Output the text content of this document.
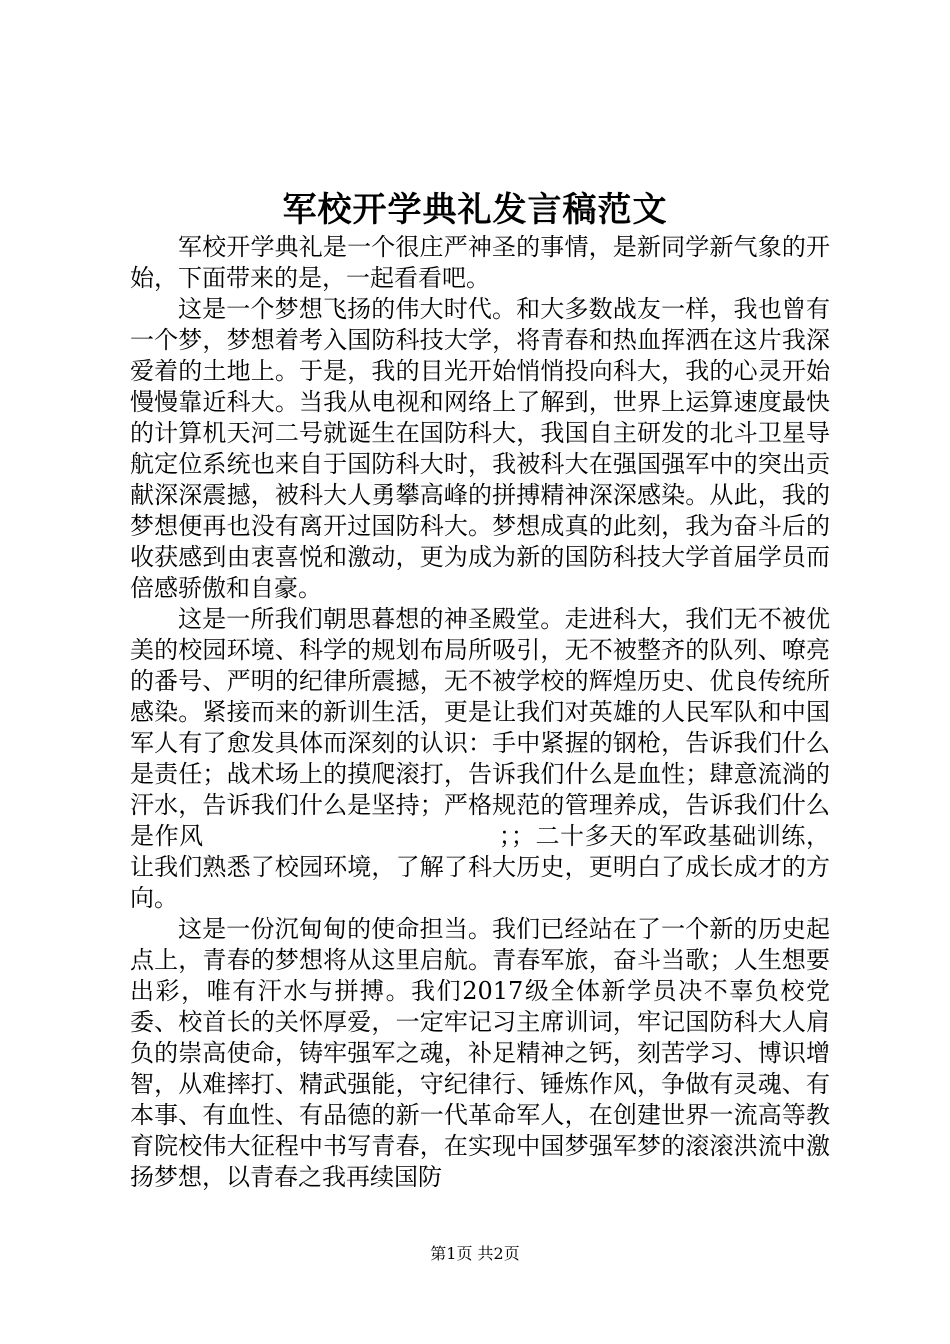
军校开学典礼发言稿范文

军校开学典礼是一个很庄严神圣的事情，是新同学新气象的开始，下面带来的是，一起看看吧。

这是一个梦想飞扬的伟大时代。和大多数战友一样，我也曾有一个梦，梦想着考入国防科技大学，将青春和热血挥洒在这片我深爱着的土地上。于是，我的目光开始悄悄投向科大，我的心灵开始慢慢靠近科大。当我从电视和网络上了解到，世界上运算速度最快的计算机天河二号就诞生在国防科大，我国自主研发的北斗卫星导航定位系统也来自于国防科大时，我被科大在强国强军中的突出贡献深深震撼，被科大人勇攀高峰的拼搏精神深深感染。从此，我的梦想便再也没有离开过国防科大。梦想成真的此刻，我为奋斗后的收获感到由衷喜悦和激动，更为成为新的国防科技大学首届学员而倍感骄傲和自豪。

这是一所我们朝思暮想的神圣殿堂。走进科大，我们无不被优美的校园环境、科学的规划布局所吸引，无不被整齐的队列、嘹亮的番号、严明的纪律所震撼，无不被学校的辉煌历史、优良传统所感染。紧接而来的新训生活，更是让我们对英雄的人民军队和中国军人有了愈发具体而深刻的认识：手中紧握的钢枪，告诉我们什么是责任；战术场上的摸爬滚打，告诉我们什么是血性；肆意流淌的汗水，告诉我们什么是坚持；严格规范的管理养成，告诉我们什么是作风　　　　　　　　　　　　；；二十多天的军政基础训练，让我们熟悉了校园环境，了解了科大历史，更明白了成长成才的方向。

这是一份沉甸甸的使命担当。我们已经站在了一个新的历史起点上，青春的梦想将从这里启航。青春军旅，奋斗当歌；人生想要出彩，唯有汗水与拼搏。我们2017级全体新学员决不辜负校党委、校首长的关怀厚爱，一定牢记习主席训词，牢记国防科大人肩负的崇高使命，铸牢强军之魂，补足精神之钙，刻苦学习、博识增智，从难摔打、精武强能，守纪律行、锤炼作风，争做有灵魂、有本事、有血性、有品德的新一代革命军人，在创建世界一流高等教育院校伟大征程中书写青春，在实现中国梦强军梦的滚滚洪流中激扬梦想，以青春之我再续国防

第1页 共2页
